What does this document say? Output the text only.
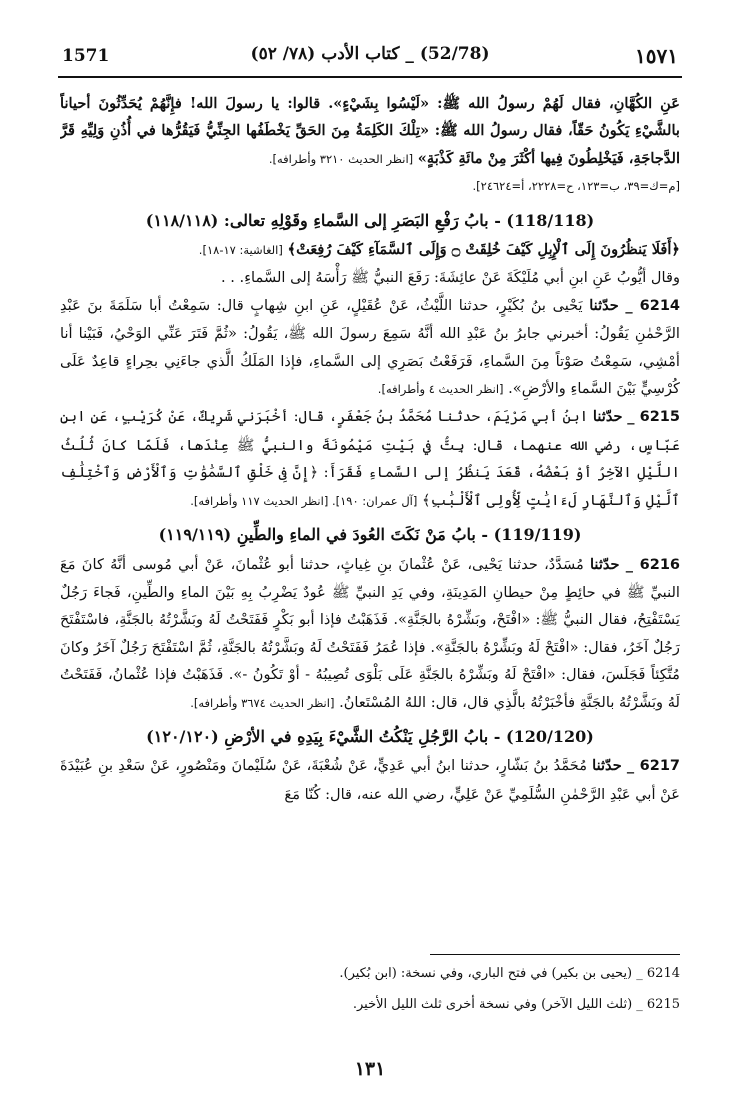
1571	(52/78) _ كتاب الأدب (٧٨/ ٥٢)	١٥٧١

عَنِ الكُهَّانِ، فقال لَهُمْ رسولُ الله ﷺ: «لَيْسُوا بِشَيْءٍ». قالوا: يا رسولَ الله! فإِنَّهُمْ يُحَدِّثُونَ أحياناً بالشَّيْءِ يَكُونُ حَقّاً، فقال رسولُ الله ﷺ: «تِلْكَ الكَلِمَةُ مِنَ الحَقِّ يَخْطَفُها الجِنِّيُّ فَيَقُرُّها في أُذُنِ وَلِيِّهِ قَرَّ الدَّجاجَةِ، فَيَخْلِطُونَ فِيها أكْثَرَ مِنْ مائَةِ كَذْبَةٍ» [انظر الحديث ٣٢١٠ وأطرافه].

[م=ك=٣٩، ب=١٢٣، ح=٢٢٢٨، أ=٢٤٦٢٤].

(118/118) - بابُ رَفْعِ البَصَرِ إلى السَّماءِ وقَوْلِهِ تعالى: (١١٨/١١٨)

﴿أَفَلَا يَنظُرُونَ إِلَى ٱلْإِبِلِ كَيْفَ خُلِقَتْ ۝ وَإِلَى ٱلسَّمَآءِ كَيْفَ رُفِعَتْ﴾ [الغاشية: ١٧-١٨].

وقال أيُّوبُ عَنِ ابنِ أبي مُلَيْكَةَ عَنْ عائِشَةَ: رَفَعَ النبيُّ ﷺ رَأْسَهُ إلى السَّماءِ. . .

6214 _ حدّثنا يَحْيى بنُ بُكَيْرٍ، حدثنا اللَّيْثُ، عَنْ عُقَيْلٍ، عَنِ ابنِ شِهابٍ قال: سَمِعْتُ أبا سَلَمَةَ بنَ عَبْدِ الرَّحْمٰنِ يَقُولُ: أخبرني جابرُ بنُ عَبْدِ الله أنَّهُ سَمِعَ رسولَ الله ﷺ، يَقُولُ: «ثُمَّ فَتَرَ عَنِّي الوَحْيُ، فَبَيْنا أنا أمْشِي، سَمِعْتُ صَوْتاً مِنَ السَّماءِ، فَرَفَعْتُ بَصَرِي إلى السَّماءِ، فإذا المَلَكُ الَّذي جاءَنِي بحِراءٍ قاعِدٌ عَلَى كُرْسِيٍّ بَيْنَ السَّماءِ والأرْضِ». [انظر الحديث ٤ وأطرافه].

6215 _ حدّثنا ابنُ أبي مَرْيَمَ، حدثنا مُحَمَّدُ بنُ جَعْفَرٍ، قال: أخْبَرَني شَرِيكٌ، عَنْ كُرَيْبٍ، عَنِ ابنِ عَبّاسٍ، رضي الله عنهما، قال: بِتُّ في بَيْتِ مَيْمُونَةَ والنبيُّ ﷺ عِنْدَها، فَلَمّا كانَ ثُلُثُ اللَّيْلِ الآخِرُ أوْ بَعْضُهُ، قَعَدَ يَنظُرُ إلى السَّماءِ فَقَرَأَ: ﴿إِنَّ فِى خَلْقِ ٱلسَّمَٰوَٰتِ وَٱلْأَرْضِ وَٱخْتِلَٰفِ ٱلَّيْلِ وَٱلنَّهَارِ لَءَايَٰتٍ لِّأُولِى ٱلْأَلْبَٰبِ﴾ [آل عمران: ١٩٠]. [انظر الحديث ١١٧ وأطرافه].

(119/119) - بابُ مَنْ نَكَتَ العُودَ في الماءِ والطِّينِ (١١٩/١١٩)

6216 _ حدّثنا مُسَدَّدٌ، حدثنا يَحْيى، عَنْ عُثْمانَ بنِ غِياثٍ، حدثنا أبو عُثْمانَ، عَنْ أبي مُوسى أنَّهُ كانَ مَعَ النبيِّ ﷺ في حائِطٍ مِنْ حيطانِ المَدِينَةِ، وفي يَدِ النبيِّ ﷺ عُودٌ يَضْرِبُ بِهِ بَيْنَ الماءِ والطِّينِ، فَجاءَ رَجُلٌ يَسْتَفْتِحُ، فقال النبيُّ ﷺ: «افْتَحْ، وبَشِّرْهُ بالجَنَّةِ». فَذَهَبْتُ فإذا أبو بَكْرٍ فَفَتَحْتُ لَهُ وبَشَّرْتُهُ بالجَنَّةِ، فاسْتَفْتَحَ رَجُلٌ آخَرُ، فقال: «افْتَحْ لَهُ وبَشِّرْهُ بالجَنَّةِ». فإذا عُمَرُ فَفَتَحْتُ لَهُ وبَشَّرْتُهُ بالجَنَّةِ، ثُمَّ اسْتَفْتَحَ رَجُلٌ آخَرُ وكانَ مُتَّكِئاً فَجَلَسَ، فقال: «افْتَحْ لَهُ وبَشِّرْهُ بالجَنَّةِ عَلَى بَلْوَى تُصِيبُهُ - أوْ تَكُونُ -». فَذَهَبْتُ فإذا عُثْمانُ، فَفَتَحْتُ لَهُ وبَشَّرْتُهُ بالجَنَّةِ فأخْبَرْتُهُ بالَّذِي قال، قال: اللهُ المُسْتَعانُ. [انظر الحديث ٣٦٧٤ وأطرافه].

(120/120) - بابُ الرَّجُلِ يَنْكُتُ الشَّيْءَ بِيَدِهِ في الأرْضِ (١٢٠/١٢٠)

6217 _ حدّثنا مُحَمَّدُ بنُ بَشّارٍ، حدثنا ابنُ أبي عَدِيٍّ، عَنْ شُعْبَةَ، عَنْ سُلَيْمانَ ومَنْصُورٍ، عَنْ سَعْدِ بنِ عُبَيْدَةَ عَنْ أبي عَبْدِ الرَّحْمٰنِ السُّلَمِيِّ عَنْ عَلِيٍّ، رضي الله عنه، قال: كُنّا مَعَ

6214 _ (يحيى بن بكير) في فتح الباري، وفي نسخة: (ابن بُكير).

6215 _ (ثلث الليل الآخر) وفي نسخة أخرى ثلث الليل الأخير.

١٣١
